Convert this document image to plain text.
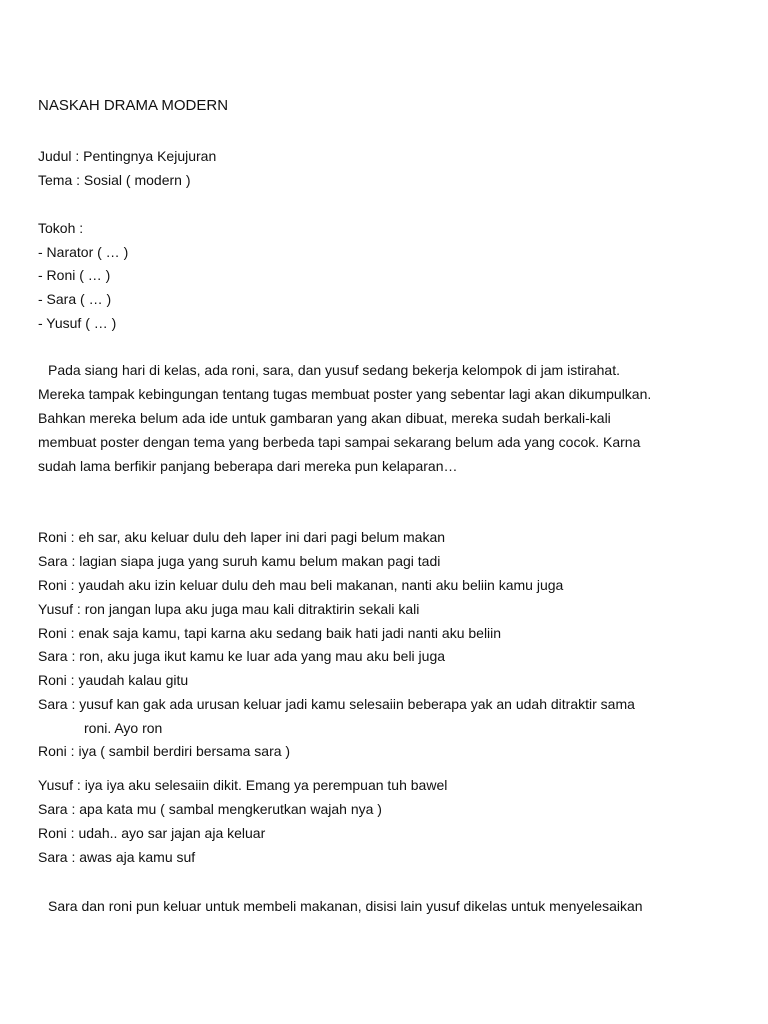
NASKAH DRAMA MODERN
Judul : Pentingnya Kejujuran
Tema : Sosial ( modern )
Tokoh :
- Narator ( … )
- Roni ( … )
- Sara ( … )
- Yusuf ( … )
Pada siang hari di kelas, ada roni, sara, dan yusuf sedang bekerja kelompok di jam istirahat.
Mereka tampak kebingungan tentang tugas membuat poster yang sebentar lagi akan dikumpulkan.
Bahkan mereka belum ada ide untuk gambaran yang akan dibuat, mereka sudah berkali-kali
membuat poster dengan tema yang berbeda tapi sampai sekarang belum ada yang cocok. Karna
sudah lama berfikir panjang beberapa dari mereka pun kelaparan…
Roni : eh sar, aku keluar dulu deh laper ini dari pagi belum makan
Sara : lagian siapa juga yang suruh kamu belum makan pagi tadi
Roni : yaudah aku izin keluar dulu deh mau beli makanan, nanti aku beliin kamu juga
Yusuf : ron jangan lupa aku juga mau kali ditraktirin sekali kali
Roni : enak saja kamu, tapi karna aku sedang baik hati jadi nanti aku beliin
Sara : ron, aku juga ikut kamu ke luar ada yang mau aku beli juga
Roni : yaudah kalau gitu
Sara : yusuf kan gak ada urusan keluar jadi kamu selesaiin beberapa yak an udah ditraktir sama
roni. Ayo ron
Roni : iya ( sambil berdiri bersama sara )
Yusuf : iya iya aku selesaiin dikit. Emang ya perempuan tuh bawel
Sara : apa kata mu ( sambal mengkerutkan wajah nya )
Roni : udah.. ayo sar jajan aja keluar
Sara : awas aja kamu suf
Sara dan roni pun keluar untuk membeli makanan, disisi lain yusuf dikelas untuk menyelesaikan
